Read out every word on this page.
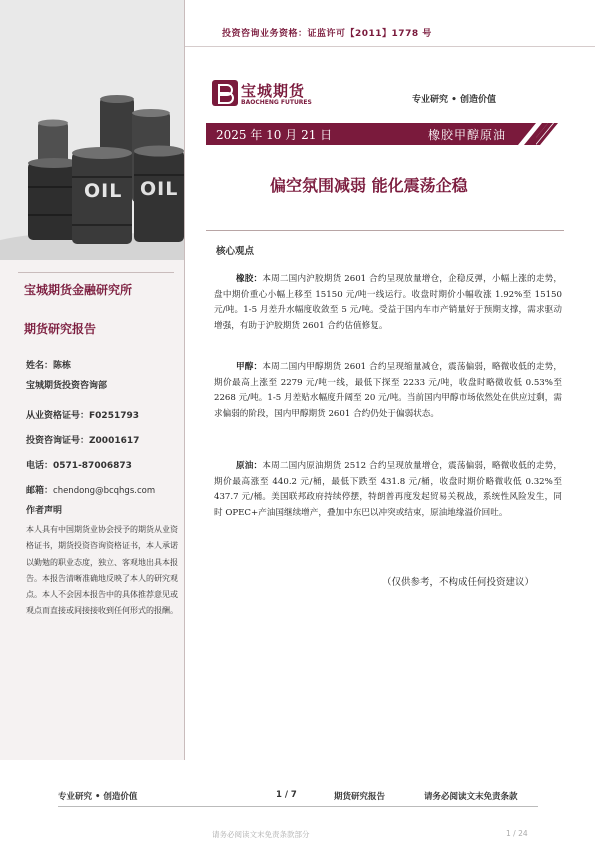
投资咨询业务资格：证监许可【2011】1778 号
OIL OIL
宝城期货金融研究所
期货研究报告
姓名：陈栋
宝城期货投资咨询部
从业资格证号：F0251793
投资咨询证号：Z0001617
电话：0571-87006873
邮箱：chendong@bcqhgs.com
作者声明
本人具有中国期货业协会授予的期货从业资格证书，期货投资咨询资格证书，本人承诺以勤勉的职业态度，独立、客观地出具本报告。本报告清晰准确地反映了本人的研究观点。本人不会因本报告中的具体推荐意见或观点而直接或间接接收到任何形式的报酬。
宝城期货
BAOCHENG FUTURES	专业研究 • 创造价值
2025 年 10 月 21 日	橡胶甲醇原油
偏空氛围减弱 能化震荡企稳
核心观点
橡胶：本周二国内沪胶期货 2601 合约呈现放量增仓，企稳反弹，小幅上涨的走势，盘中期价重心小幅上移至 15150 元/吨一线运行。收盘时期价小幅收涨 1.92%至 15150 元/吨。1-5 月差升水幅度收敛至 5 元/吨。受益于国内车市产销量好于预期支撑，需求驱动增强，有助于沪胶期货 2601 合约估值修复。
甲醇：本周二国内甲醇期货 2601 合约呈现缩量减仓，震荡偏弱，略微收低的走势，期价最高上涨至 2279 元/吨一线，最低下探至 2233 元/吨，收盘时略微收低 0.53%至 2268 元/吨。1-5 月差贴水幅度升阔至 20 元/吨。当前国内甲醇市场依然处在供应过剩，需求偏弱的阶段，国内甲醇期货 2601 合约仍处于偏弱状态。
原油：本周二国内原油期货 2512 合约呈现放量增仓，震荡偏弱，略微收低的走势，期价最高涨至 440.2 元/桶，最低下跌至 431.8 元/桶，收盘时期价略微收低 0.32%至 437.7 元/桶。美国联邦政府持续停摆，特朗普再度发起贸易关税战，系统性风险发生，同时 OPEC+产油国继续增产，叠加中东巴以冲突或结束，原油地缘溢价回吐。
（仅供参考，不构成任何投资建议）
专业研究 • 创造价值	1 / 7	期货研究报告	请务必阅读文末免责条款
请务必阅读文末免责条款部分	1 / 24
